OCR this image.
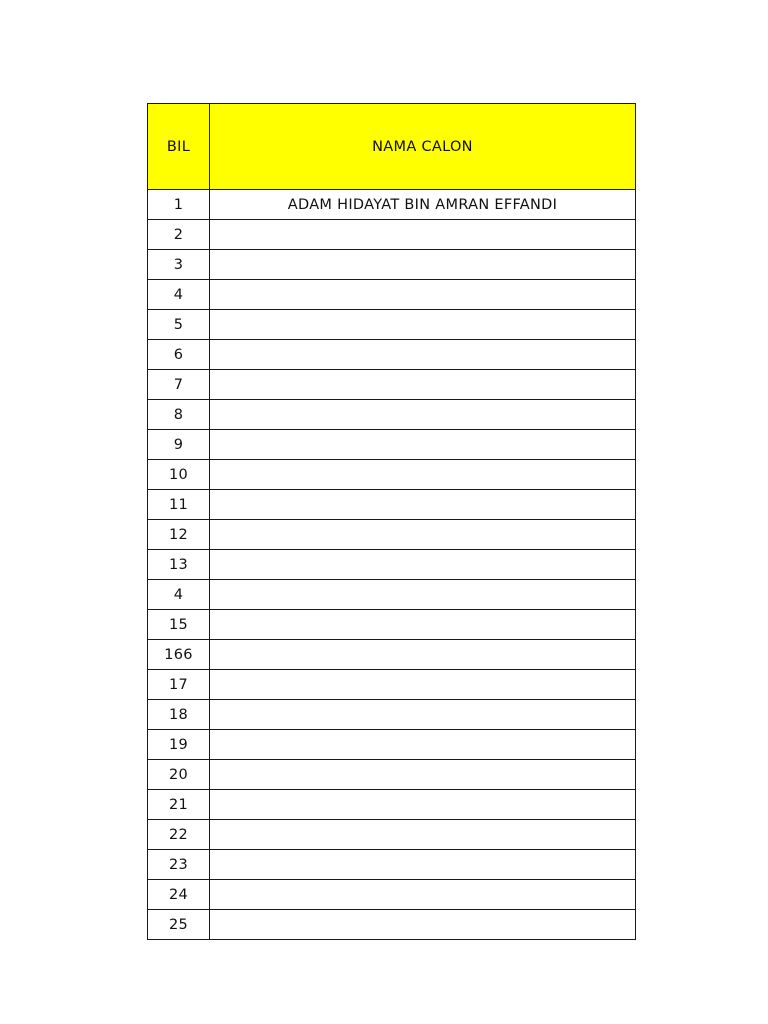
BIL	NAMA CALON
1	ADAM HIDAYAT BIN AMRAN EFFANDI
2	
3	
4	
5	
6	
7	
8	
9	
10	
11	
12	
13	
4	
15	
166	
17	
18	
19	
20	
21	
22	
23	
24	
25	
